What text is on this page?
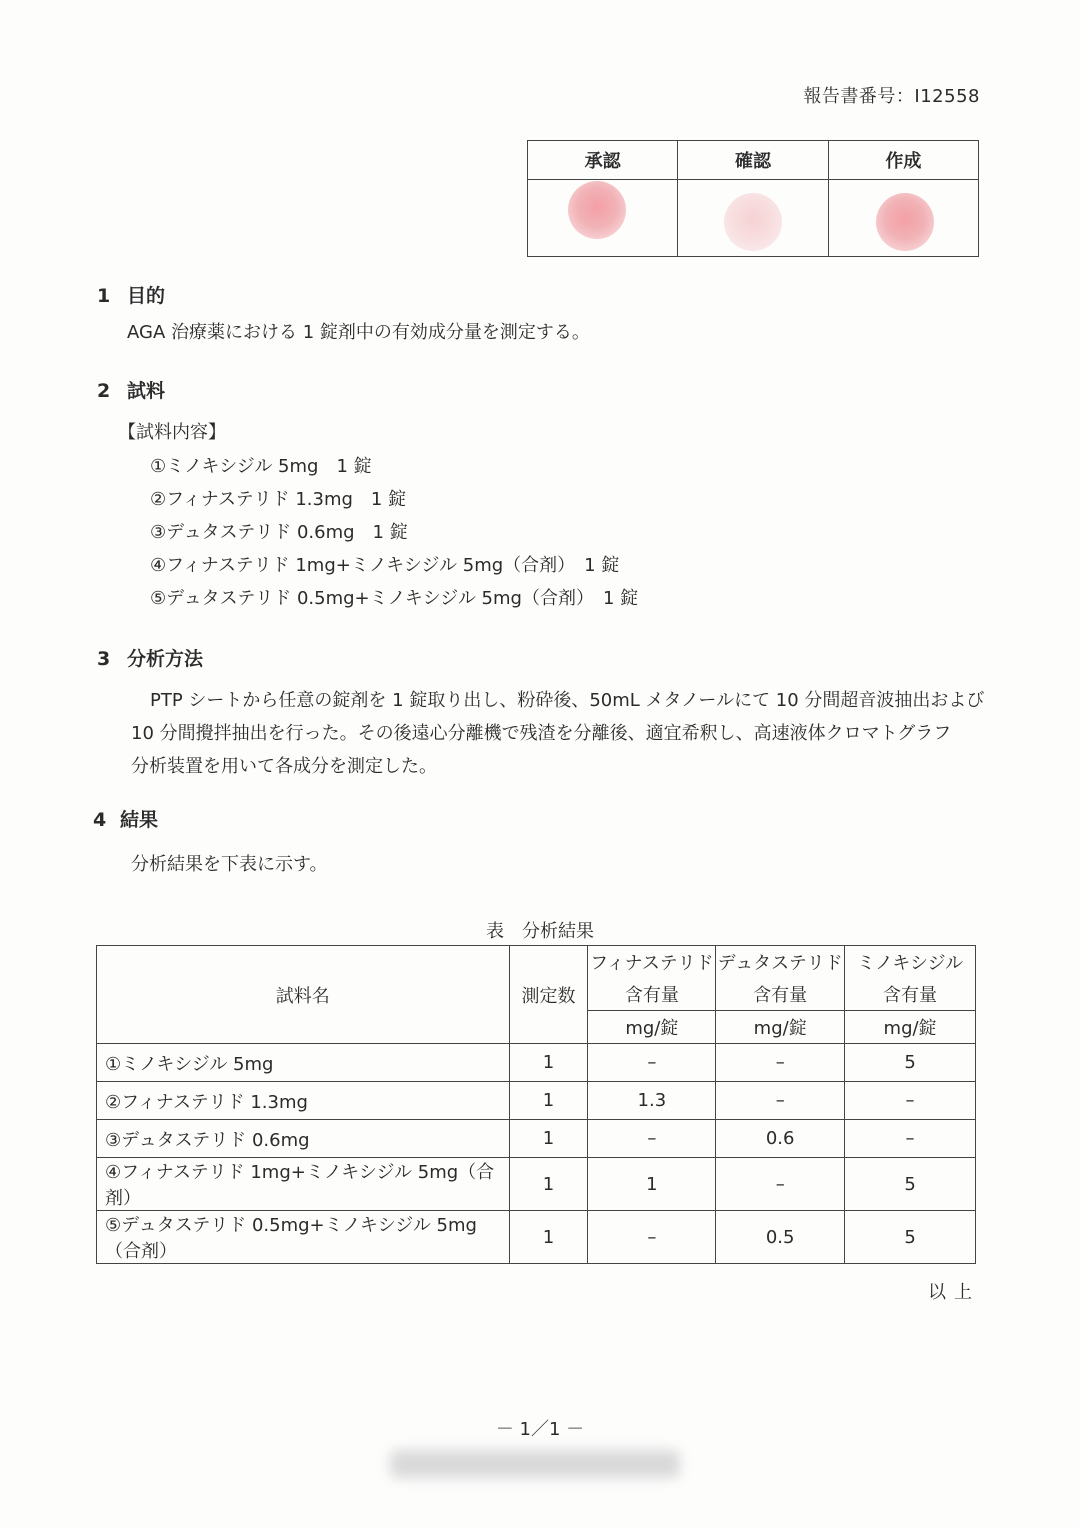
報告書番号：I12558
承認	確認	作成

1 目的
AGA 治療薬における 1 錠剤中の有効成分量を測定する。
2 試料
【試料内容】
①ミノキシジル 5mg　1 錠
②フィナステリド 1.3mg　1 錠
③デュタステリド 0.6mg　1 錠
④フィナステリド 1mg+ミノキシジル 5mg（合剤）　1 錠
⑤デュタステリド 0.5mg+ミノキシジル 5mg（合剤）　1 錠
3 分析方法
PTP シートから任意の錠剤を 1 錠取り出し、粉砕後、50mL メタノールにて 10 分間超音波抽出および
10 分間攪拌抽出を行った。その後遠心分離機で残渣を分離後、適宜希釈し、高速液体クロマトグラフ
分析装置を用いて各成分を測定した。
4 結果
分析結果を下表に示す。
表　分析結果
試料名	測定数	フィナステリド	デュタステリド	ミノキシジル
		含有量	含有量	含有量
		mg/錠	mg/錠	mg/錠
①ミノキシジル 5mg	1	–	–	5
②フィナステリド 1.3mg	1	1.3	–	–
③デュタステリド 0.6mg	1	–	0.6	–
④フィナステリド 1mg+ミノキシジル 5mg（合剤）	1	1	–	5
⑤デュタステリド 0.5mg+ミノキシジル 5mg（合剤）	1	–	0.5	5
以上
－ 1／1 －
